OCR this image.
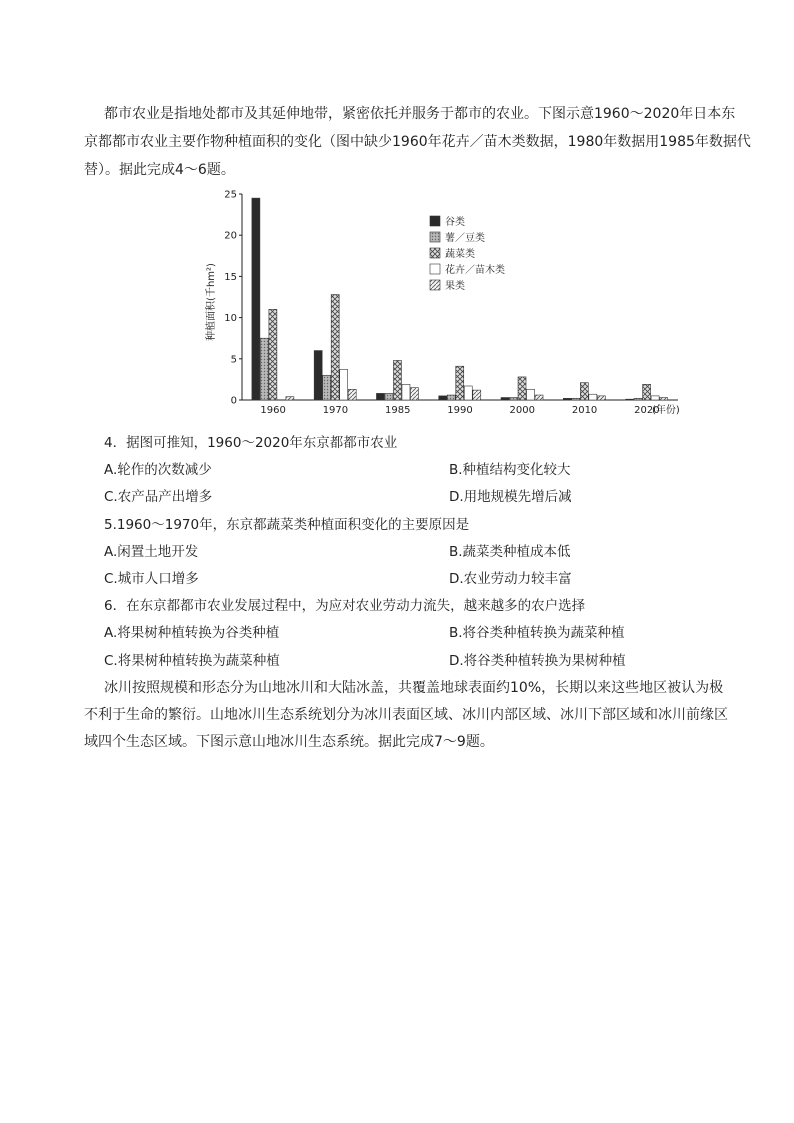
都市农业是指地处都市及其延伸地带，紧密依托并服务于都市的农业。下图示意1960～2020年日本东
京都都市农业主要作物种植面积的变化（图中缺少1960年花卉／苗木类数据，1980年数据用1985年数据代
替）。据此完成4～6题。
1960	1970	1985	1990	2000	2010	2020
0
5
10
15
20
25
谷类
薯／豆类
蔬菜类
花卉／苗木类
果类
种植面积(千hm²)
(年份)
4．据图可推知，1960～2020年东京都都市农业
A.轮作的次数减少	B.种植结构变化较大
C.农产品产出增多	D.用地规模先增后减
5.1960～1970年，东京都蔬菜类种植面积变化的主要原因是
A.闲置土地开发	B.蔬菜类种植成本低
C.城市人口增多	D.农业劳动力较丰富
6．在东京都都市农业发展过程中，为应对农业劳动力流失，越来越多的农户选择
A.将果树种植转换为谷类种植	B.将谷类种植转换为蔬菜种植
C.将果树种植转换为蔬菜种植	D.将谷类种植转换为果树种植
冰川按照规模和形态分为山地冰川和大陆冰盖，共覆盖地球表面约10%，长期以来这些地区被认为极
不利于生命的繁衍。山地冰川生态系统划分为冰川表面区域、冰川内部区域、冰川下部区域和冰川前缘区
域四个生态区域。下图示意山地冰川生态系统。据此完成7～9题。
